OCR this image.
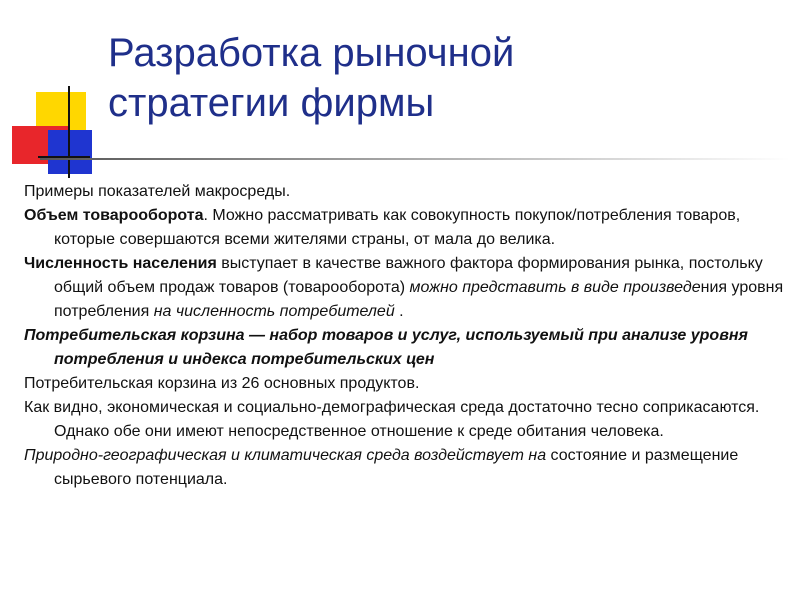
Разработка рыночной
стратегии фирмы

Примеры показателей макросреды.

Объем товарооборота. Можно рассматривать как совокупность покупок/потребления товаров, которые совершаются всеми жителями страны, от мала до велика.

Численность населения выступает в качестве важного фактора формирования рынка, постольку общий объем продаж товаров (товарооборота) можно представить в виде произведения уровня потребления на численность потребителей .

Потребительская корзина — набор товаров и услуг, используемый при анализе уровня потребления и индекса потребительских цен

Потребительская корзина из 26 основных продуктов.

Как видно, экономическая и социально-демографическая среда достаточно тесно соприкасаются. Однако обе они имеют непосредственное отношение к среде обитания человека.

Природно-географическая и климатическая среда воздействует на состояние и размещение сырьевого потенциала.
